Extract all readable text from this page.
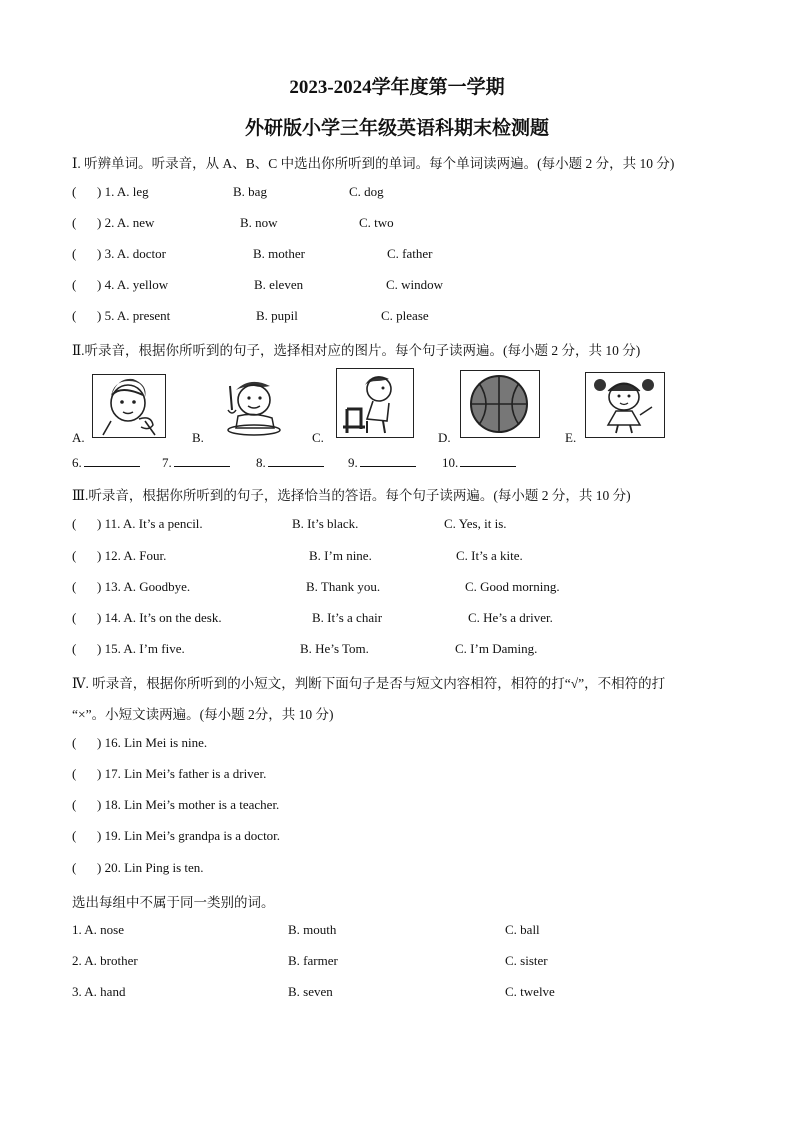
2023-2024学年度第一学期
外研版小学三年级英语科期末检测题
Ⅰ. 听辨单词。听录音，从 A、B、C 中选出你所听到的单词。每个单词读两遍。(每小题 2 分，共 10 分)
( ) 1. A. leg	B. bag	C. dog
( ) 2. A. new	B. now	C. two
( ) 3. A. doctor	B. mother	C. father
( ) 4. A. yellow	B. eleven	C. window
( ) 5. A. present	B. pupil	C. please
Ⅱ.听录音，根据你所听到的句子，选择相对应的图片。每个句子读两遍。(每小题 2 分，共 10 分)
A.	B.	C.	D.	E.
6.	7.	8.	9.	10.
Ⅲ.听录音，根据你所听到的句子，选择恰当的答语。每个句子读两遍。(每小题 2 分，共 10 分)
( ) 11. A. It’s a pencil.	B. It’s black.	C. Yes, it is.
( ) 12. A. Four.	B. I’m nine.	C. It’s a kite.
( ) 13. A. Goodbye.	B. Thank you.	C. Good morning.
( ) 14. A. It’s on the desk.	B. It’s a chair	C. He’s a driver.
( ) 15. A. I’m five.	B. He’s Tom.	C. I’m Daming.
Ⅳ. 听录音，根据你所听到的小短文，判断下面句子是否与短文内容相符，相符的打“√”，不相符的打
“×”。小短文读两遍。(每小题 2分，共 10 分)
( ) 16. Lin Mei is nine.
( ) 17. Lin Mei’s father is a driver.
( ) 18. Lin Mei’s mother is a teacher.
( ) 19. Lin Mei’s grandpa is a doctor.
( ) 20. Lin Ping is ten.
选出每组中不属于同一类别的词。
1. A. nose	B. mouth	C. ball
2. A. brother	B. farmer	C. sister
3. A. hand	B. seven	C. twelve
